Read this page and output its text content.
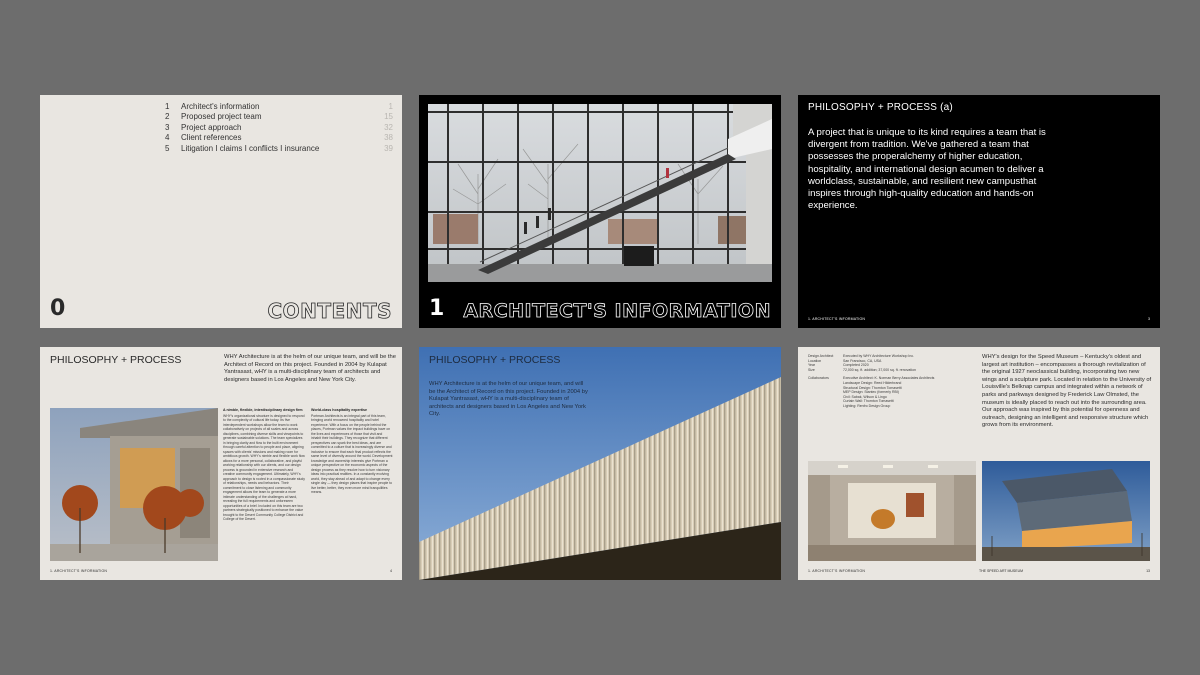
1	Architect's information	1
2	Proposed project team	15
3	Project approach	32
4	Client references	38
5	Litigation I claims I conflicts I insurance	39
0	CONTENTS 1 ARCHITECT'S INFORMATION
PHILOSOPHY + PROCESS (a)
A project that is unique to its kind requires a team that is divergent from tradition. We've gathered a team that possesses the properalchemy of higher education, hospitality, and international design acumen to deliver a worldclass, sustainable, and resilient new campusthat inspires through high-quality education and hands-on experience.
1. ARCHITECT'S INFORMATION	3
PHILOSOPHY + PROCESS	WHY Architecture is at the helm of our unique team, and will be the Architect of Record on this project. Founded in 2004 by Kulapat Yantrasast, wHY is a multi-disciplinary team of architects and designers based in Los Angeles and New York City.
A nimble, flexible, interdisciplinary design firm
WHY's organizational structure is designed to respond to the complexity of cultural life today. Its five interdependent workshops allow the team to work collaboratively on projects of all scales and across disciplines, combining diverse skills and viewpoints to generate sustainable solutions. The team specializes in bringing clarity and flow to the built environment through careful attention to people and place, aligning spaces with clients' missions and making room for ambitious growth. WHY's nimble and flexible work flow allows for a more personal, collaborative, and playful working relationship with our clients, and our design process is grounded in extensive research and creative community engagement. Ultimately, WHY's approach to design is rooted in a compassionate study of relationships, needs and behaviors. Their commitment to close listening and community engagement allows the team to generate a more intimate understanding of the challenges at hand, revealing the full requirements and unforeseen opportunities of a brief. Included on this team are two partners strategically positioned to enhance the value brought to the Desert Community College District and College of the Desert.
World-class hospitality expertise
Portman Architects is an integral part of this team, bringing world renowned hospitality and hotel experience. With a focus on the people behind the places, Portman values the impact buildings have on the lives and experiences of those that visit and inhabit their buildings. They recognize that different perspectives can spark the best ideas, and are committed to a culture that is increasingly diverse and inclusive to ensure that each final product reflects the same level of diversity around the world. Development knowledge and ownership interests give Portman a unique perspective on the economic aspects of the design process as they resolve how to turn visionary ideas into practical realities. In a constantly evolving world, they stay ahead of and adapt to change every single day — they design places that inspire people to live better, better, they even more mind tranquilities means.
1. ARCHITECT'S INFORMATION	4
PHILOSOPHY + PROCESS
WHY Architecture is at the helm of our unique team, and will be the Architect of Record on this project. Founded in 2004 by Kulapat Yantrasast, wHY is a multi-disciplinary team of architects and designers based in Los Angeles and New York City.
Design Architect	Executed by WHY Architecture Workshop Inc.
Location	San Francisco, CA, USA
Year	Completed 2020
Size	72,000 sq. ft. addition; 37,000 sq. ft. renovation
Collaborators	Executive Architect: K. Norman Berry Associates Architects
Landscape Design: Reed Hilderbrand
Structural Design: Thornton Tomasetti
MEP Design: Stantec (formerly RBI)
Civil: Sabak, Wilson & Lingo
Curtain Wall: Thornton Tomasetti
Lighting: Renfro Design Group
WHY's design for the Speed Museum – Kentucky's oldest and largest art institution – encompasses a thorough revitalization of the original 1927 neoclassical building, incorporating two new wings and a sculpture park. Located in relation to the University of Louisville's Belknap campus and integrated within a network of parks and parkways designed by Frederick Law Olmsted, the museum is ideally placed to reach out into the surrounding area. Our approach was inspired by this potential for openness and outreach, designing an intelligent and responsive structure which grows from its environment.
1. ARCHITECT'S INFORMATION	THE SPEED ART MUSEUM	13
